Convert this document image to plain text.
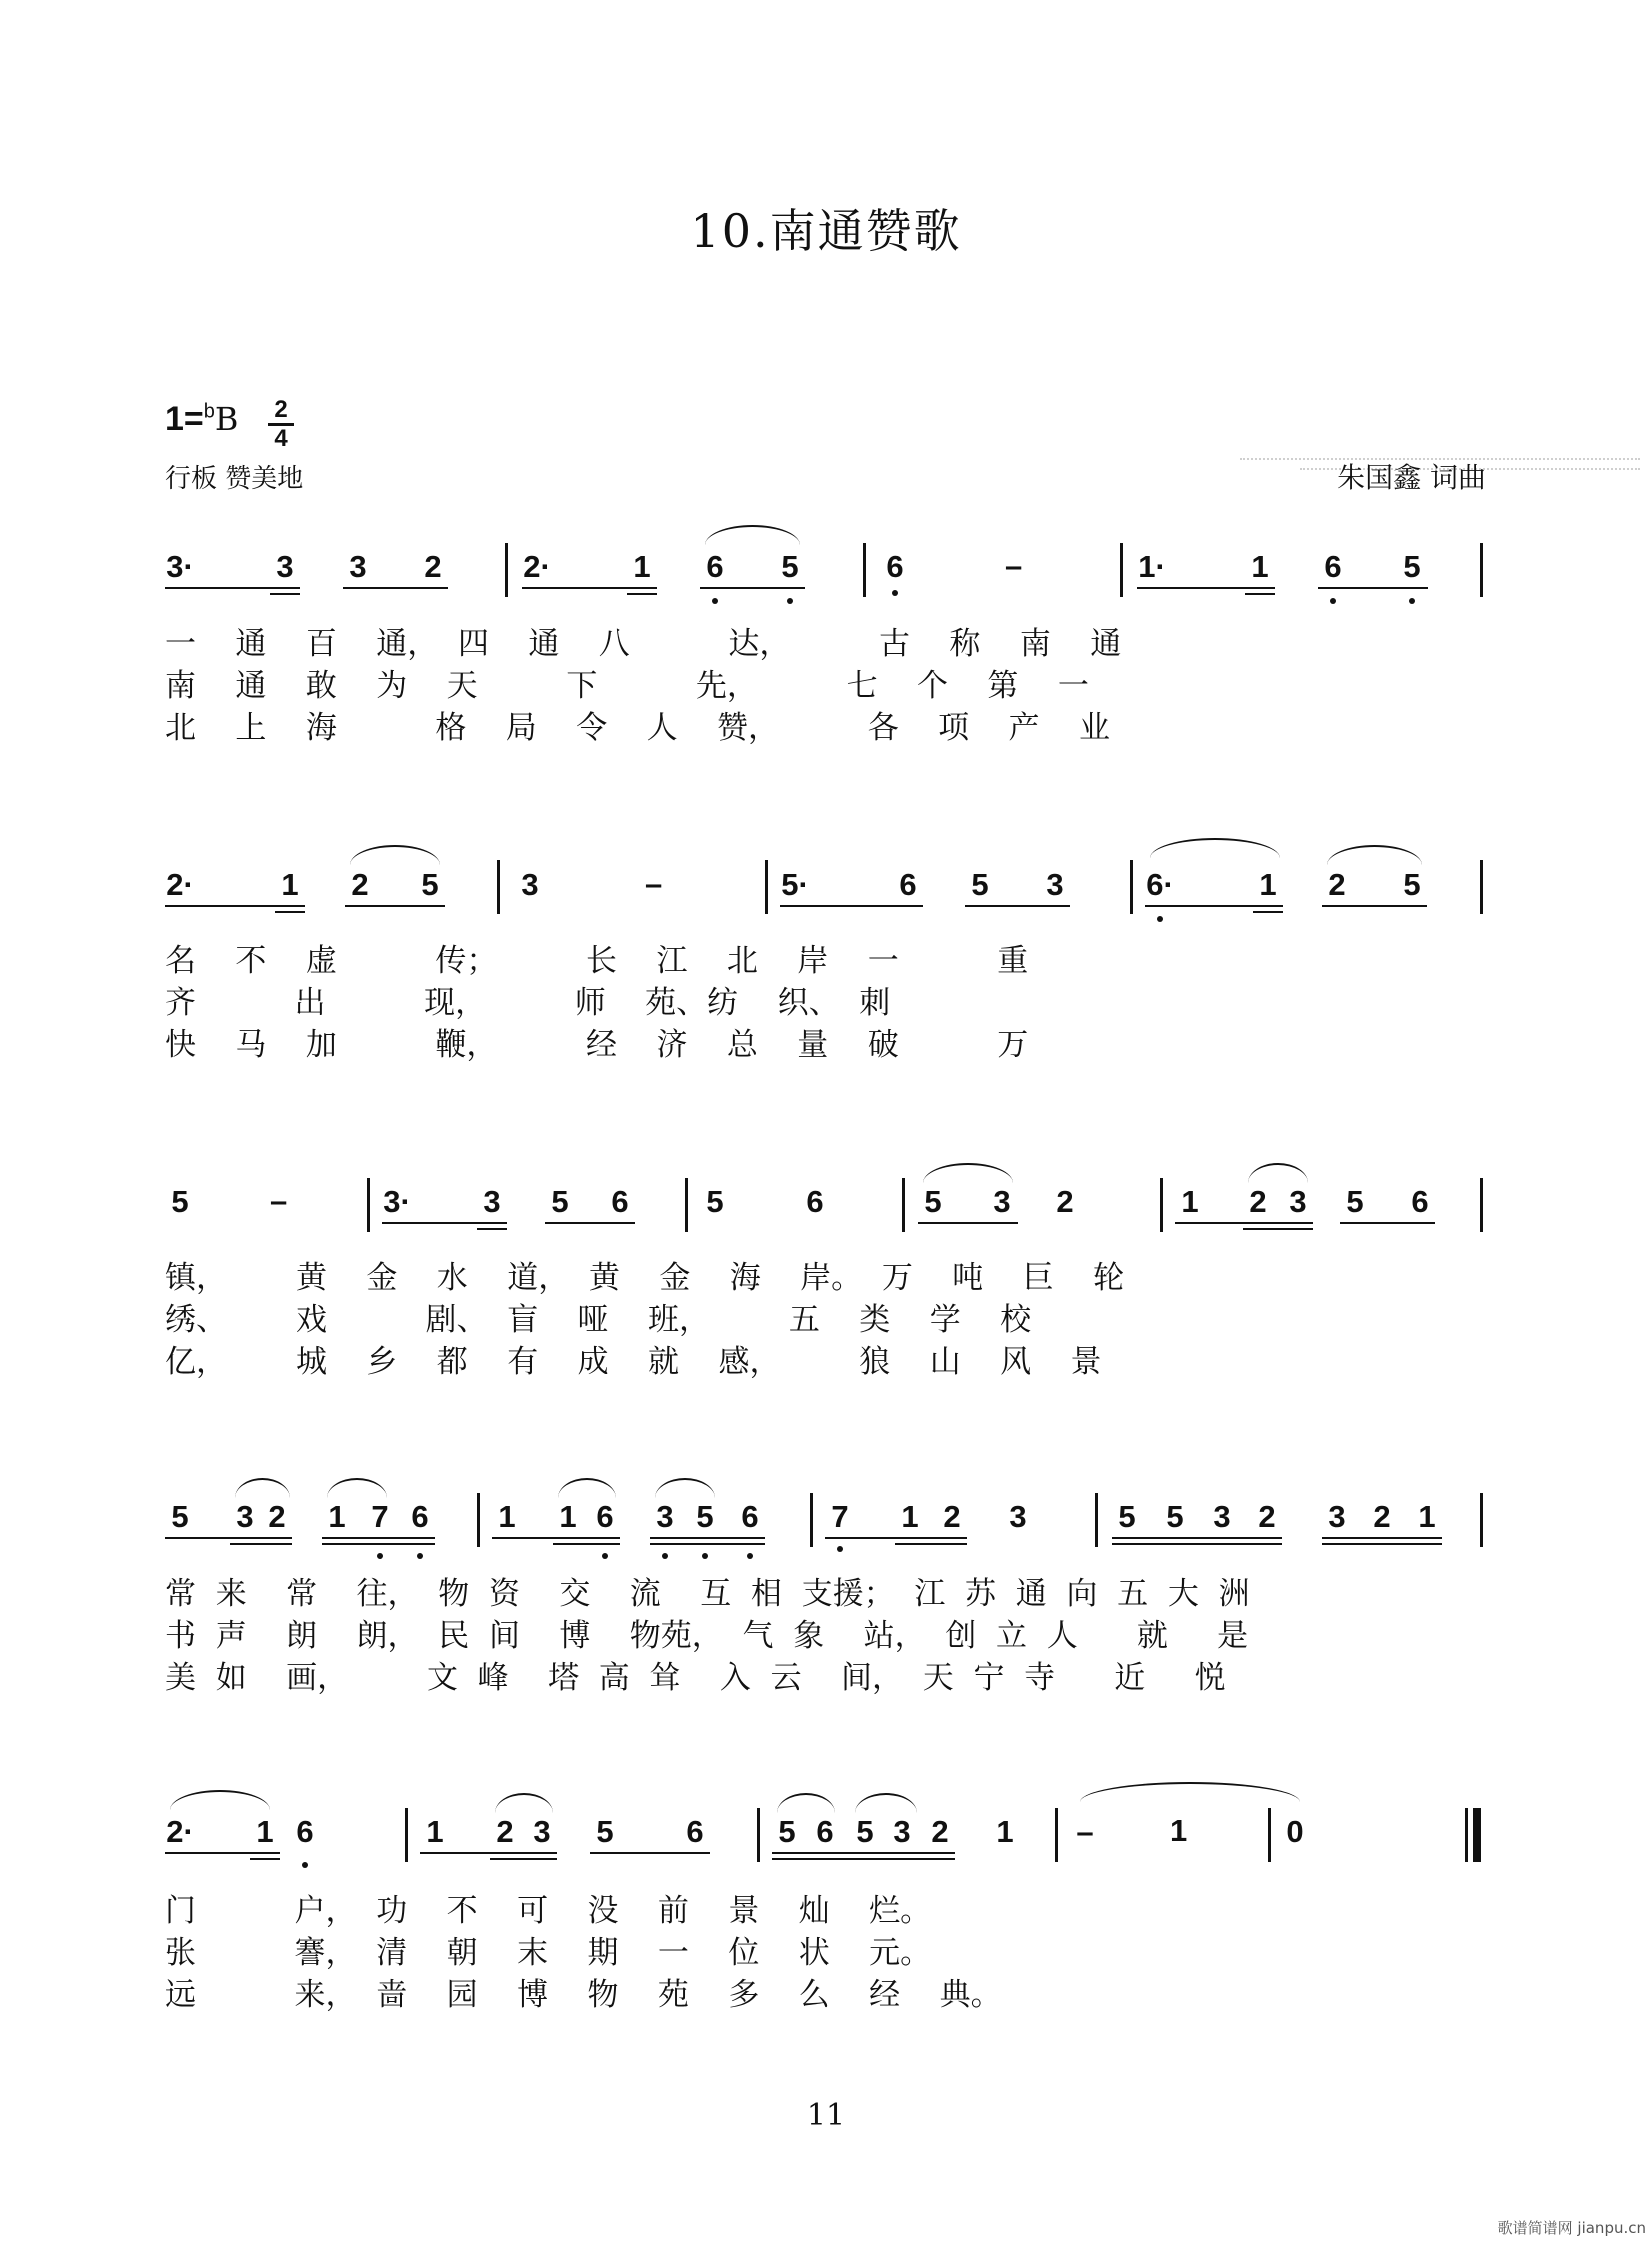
10.南通赞歌
1=$^b$B 2
4
行板 赞美地	朱国鑫 词曲
3·	3 3 2	2·	1 6 5	6	–	1·	1 6 5
一    通    百    通，  四    通    八          达，         古    称    南    通
南    通    敢    为    天         下          先，         七    个    第    一
北    上    海          格    局    令    人    赞，         各    项    产    业
2·	1 2 5	3	–	5·	6 5 3	6·	1 2 5
名    不    虚          传；         长    江    北    岸    一          重
齐          出          现，         师    苑、纺    织、  刺
快    马    加          鞭，         经    济    总    量    破          万
5	–	3· 3 5 6	5	6	5 3 2	1 2 3 5 6
镇，       黄    金    水    道，  黄    金    海    岸。  万    吨    巨    轮
绣、       戏          剧、  盲    哑    班，        五    类    学    校
亿，       城    乡    都    有    成    就    感，        狼    山    风    景
5 3 2 1 7 6 1 1 6 3 5 6 7 1 2 3	5 5 3 2 3 2 1
常  来    常    往，  物  资    交    流    互  相  支援；  江  苏  通  向  五  大  洲
书  声    朗    朗，  民  间    博    物苑，  气  象    站，  创  立  人      就     是
美  如    画，        文  峰    塔  高  耸    入  云    间，  天  宁  寺      近     悦
2· 1 6	1 2 3 5 6 5 6 5 3 2 1 – 1	0
门          户，  功    不    可    没    前    景    灿    烂。
张          謇，  清    朝    末    期    一    位    状    元。
远          来，  啬    园    博    物    苑    多    么    经    典。
11
歌谱简谱网 jianpu.cn
